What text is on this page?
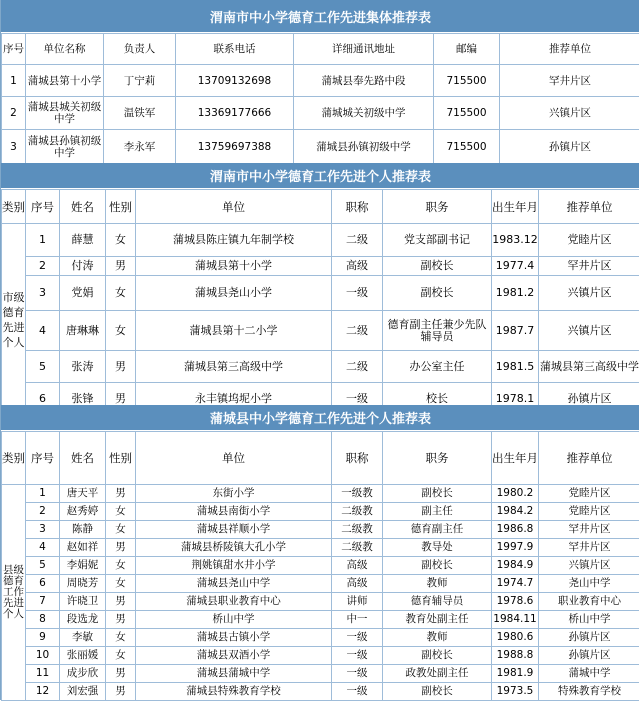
渭南市中小学德育工作先进集体推荐表
序号	单位名称	负责人	联系电话	详细通讯地址	邮编	推荐单位
1	蒲城县第十小学	丁宁莉	13709132698	蒲城县奉先路中段	715500	罕井片区
2	蒲城县城关初级中学	温铁军	13369177666	蒲城城关初级中学	715500	兴镇片区
3	蒲城县孙镇初级中学	李永军	13759697388	蒲城县孙镇初级中学	715500	孙镇片区
渭南市中小学德育工作先进个人推荐表
类别	序号	姓名	性别	单位	职称	职务	出生年月	推荐单位
市级德育先进个人	1	薛慧	女	蒲城县陈庄镇九年制学校	二级	党支部副书记	1983.12	党睦片区
	2	付涛	男	蒲城县第十小学	高级	副校长	1977.4	罕井片区
	3	党娟	女	蒲城县尧山小学	一级	副校长	1981.2	兴镇片区
	4	唐琳琳	女	蒲城县第十二小学	二级	德育副主任兼少先队辅导员	1987.7	兴镇片区
	5	张涛	男	蒲城县第三高级中学	二级	办公室主任	1981.5	蒲城县第三高级中学
	6	张锋	男	永丰镇坞坭小学	一级	校长	1978.1	孙镇片区
蒲城县中小学德育工作先进个人推荐表
类别	序号	姓名	性别	单位	职称	职务	出生年月	推荐单位
县级德育工作先进个人	1	唐天平	男	东街小学	一级教	副校长	1980.2	党睦片区
	2	赵秀婷	女	蒲城县南街小学	二级教	副主任	1984.2	党睦片区
	3	陈静	女	蒲城县祥顺小学	二级教	德育副主任	1986.8	罕井片区
	4	赵如祥	男	蒲城县桥陵镇大孔小学	二级教	教导处	1997.9	罕井片区
	5	李娟妮	女	荆姚镇甜水井小学	高级	副校长	1984.9	兴镇片区
	6	周晓芳	女	蒲城县尧山中学	高级	教师	1974.7	尧山中学
	7	许晓卫	男	蒲城县职业教育中心	讲师	德育辅导员	1978.6	职业教育中心
	8	段选龙	男	桥山中学	中一	教育处副主任	1984.11	桥山中学
	9	李敏	女	蒲城县古镇小学	一级	教师	1980.6	孙镇片区
	10	张丽媛	女	蒲城县双酒小学	一级	副校长	1988.8	孙镇片区
	11	成步欣	男	蒲城县蒲城中学	一级	政教处副主任	1981.9	蒲城中学
	12	刘宏强	男	蒲城县特殊教育学校	一级	副校长	1973.5	特殊教育学校
